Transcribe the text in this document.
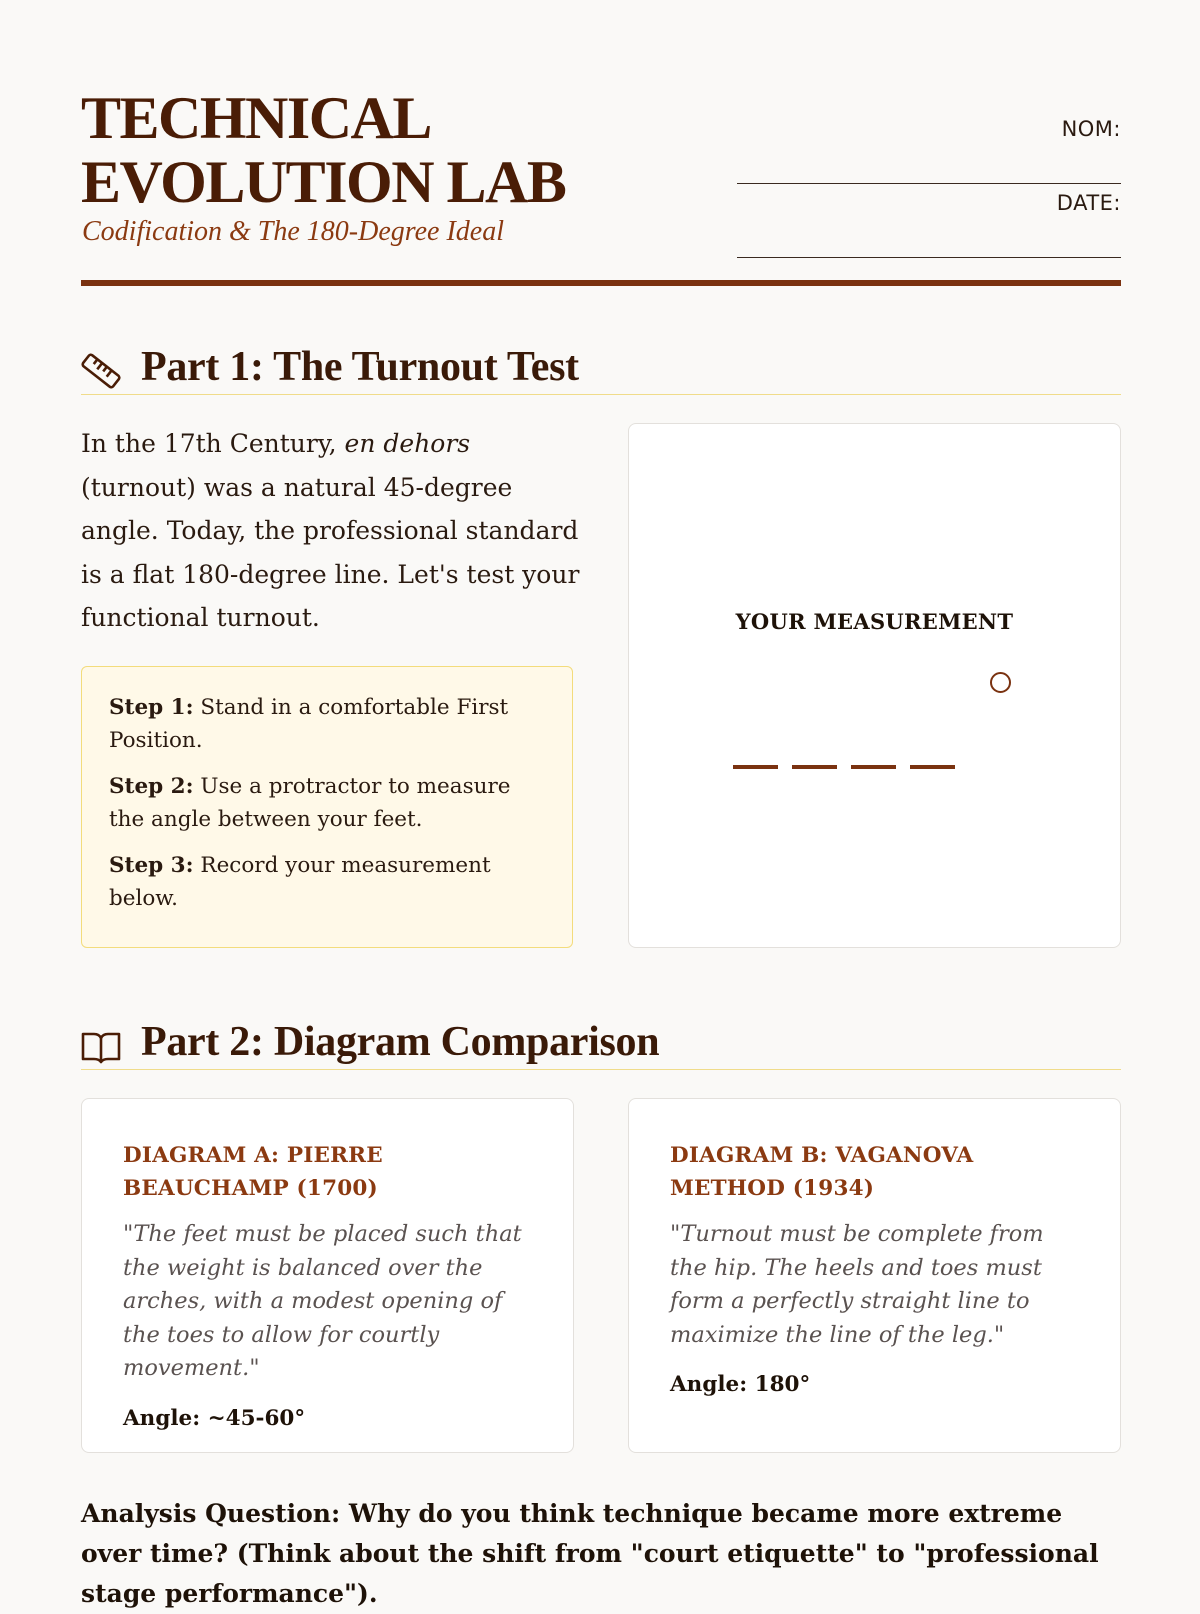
TECHNICAL
EVOLUTION LAB
Codification & The 180-Degree Ideal
NOM:
DATE:
Part 1: The Turnout Test

In the 17th Century, en dehors (turnout) was a natural 45-degree angle. Today, the professional standard is a flat 180-degree line. Let's test your functional turnout.

Step 1: Stand in a comfortable First Position.

Step 2: Use a protractor to measure the angle between your feet.

Step 3: Record your measurement below.

YOUR MEASUREMENT
Part 2: Diagram Comparison
DIAGRAM A: PIERRE BEAUCHAMP (1700)

"The feet must be placed such that the weight is balanced over the arches, with a modest opening of the toes to allow for courtly movement."

Angle: ~45-60°

DIAGRAM B: VAGANOVA METHOD (1934)

"Turnout must be complete from the hip. The heels and toes must form a perfectly straight line to maximize the line of the leg."

Angle: 180°

Analysis Question: Why do you think technique became more extreme over time? (Think about the shift from "court etiquette" to "professional stage performance").
